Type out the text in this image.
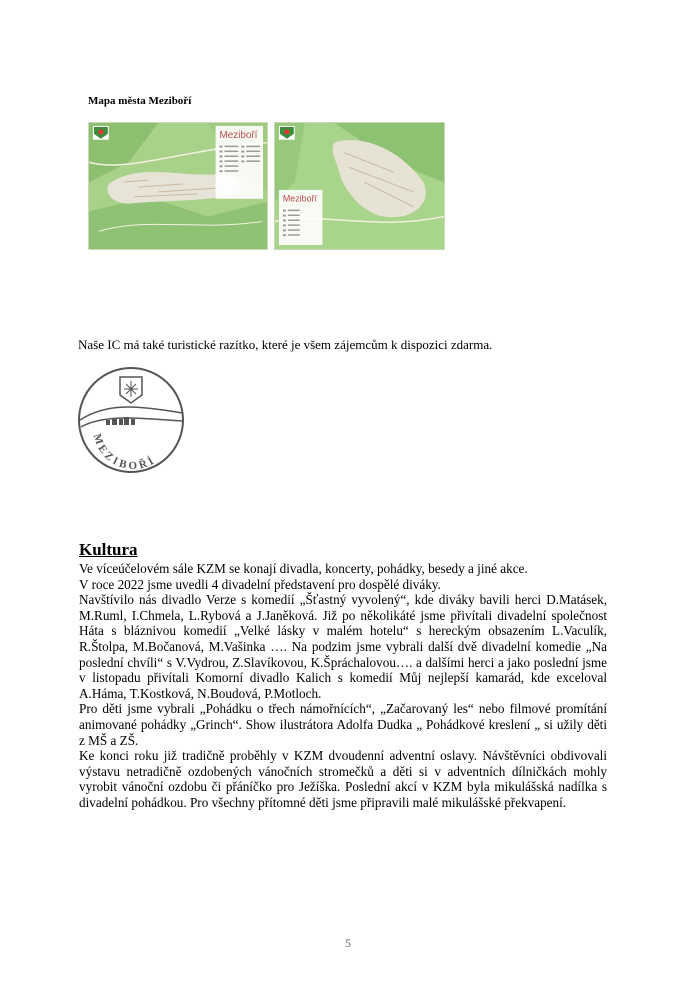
Mapa města Meziboří
Meziboří
Meziboří
Naše IC má také turistické razítko, které je všem zájemcům k dispozici zdarma.
MEZIBOŘÍ
Kultura

Ve víceúčelovém sále KZM se konají divadla, koncerty, pohádky, besedy a jiné akce.

V roce 2022 jsme uvedli 4 divadelní představení pro dospělé diváky.

Navštívilo nás divadlo Verze s komedií „Šťastný vyvolený“, kde diváky bavili herci D.Matásek, M.Ruml, I.Chmela, L.Rybová a J.Janěková. Již po několikáté jsme přivítali divadelní společnost Háta s bláznivou komedií „Velké lásky v malém hotelu“ s hereckým obsazením L.Vaculík, R.Štolpa, M.Bočanová, M.Vašinka …. Na podzim jsme vybrali další dvě divadelní komedie „Na poslední chvíli“ s V.Vydrou, Z.Slavíkovou, K.Špráchalovou…. a dalšími herci a jako poslední jsme v listopadu přivítali Komorní divadlo Kalich s komedií Můj nejlepší kamarád, kde exceloval A.Háma, T.Kostková, N.Boudová, P.Motloch.

Pro děti jsme vybrali „Pohádku o třech námořnících“, „Začarovaný les“ nebo filmové promítání animované pohádky „Grinch“. Show ilustrátora Adolfa Dudka „ Pohádkové kreslení „ si užily děti z MŠ a ZŠ.

Ke konci roku již tradičně proběhly v KZM dvoudenní adventní oslavy. Návštěvníci obdivovali výstavu netradičně ozdobených vánočních stromečků a děti si v adventních dílničkách mohly vyrobit vánoční ozdobu či přáníčko pro Ježíška. Poslední akcí v KZM byla mikulášská nadílka s divadelní pohádkou. Pro všechny přítomné děti jsme připravili malé mikulášské překvapení.

5
